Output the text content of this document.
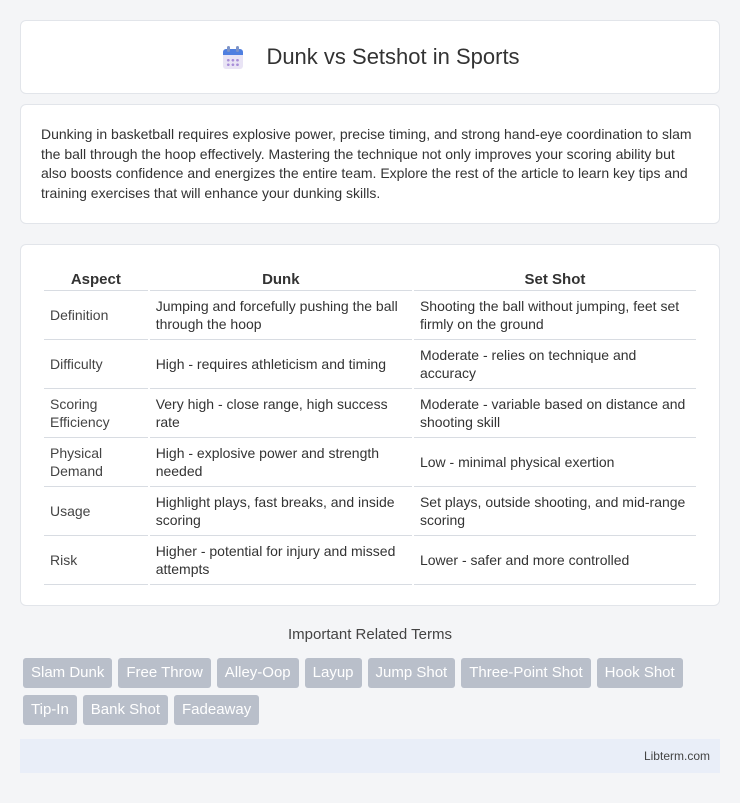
Dunk vs Setshot in Sports

Dunking in basketball requires explosive power, precise timing, and strong hand-eye coordination to slam the ball through the hoop effectively. Mastering the technique not only improves your scoring ability but also boosts confidence and energizes the entire team. Explore the rest of the article to learn key tips and training exercises that will enhance your dunking skills.

Aspect	Dunk	Set Shot
Definition	Jumping and forcefully pushing the ball through the hoop	Shooting the ball without jumping, feet set firmly on the ground
Difficulty	High - requires athleticism and timing	Moderate - relies on technique and accuracy
Scoring Efficiency	Very high - close range, high success rate	Moderate - variable based on distance and shooting skill
Physical Demand	High - explosive power and strength needed	Low - minimal physical exertion
Usage	Highlight plays, fast breaks, and inside scoring	Set plays, outside shooting, and mid-range scoring
Risk	Higher - potential for injury and missed attempts	Lower - safer and more controlled
Important Related Terms
Slam Dunk	Free Throw	Alley-Oop	Layup	Jump Shot	Three-Point Shot	Hook Shot
Tip-In	Bank Shot	Fadeaway
Libterm.com
